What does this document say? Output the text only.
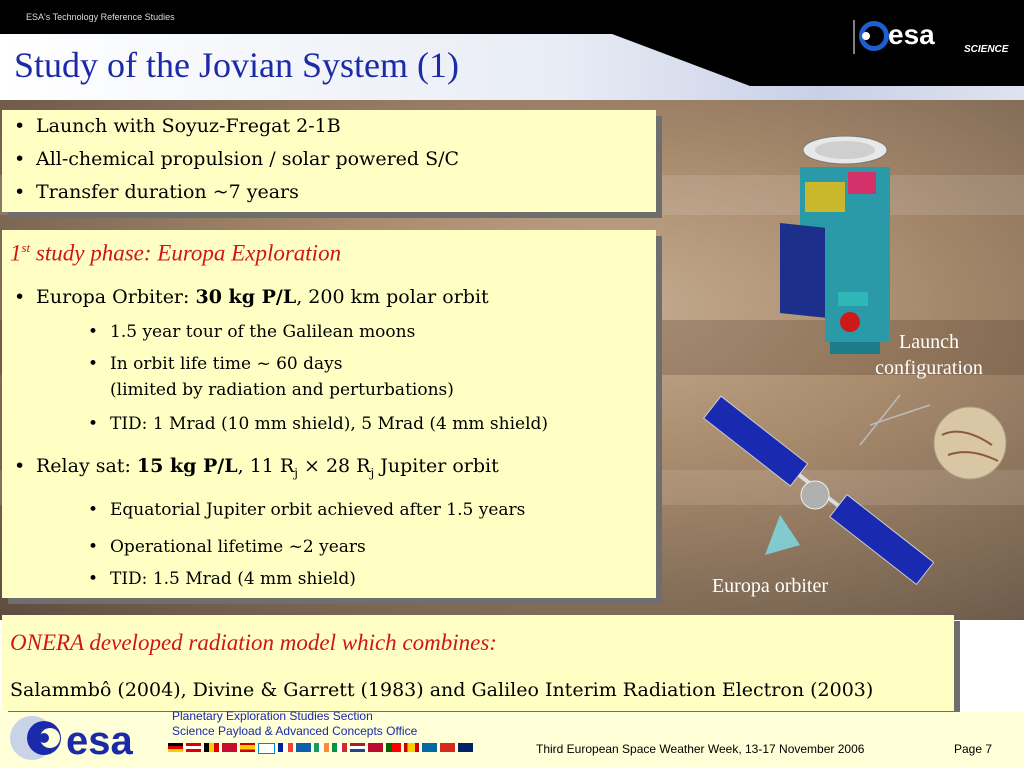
ESA's Technology Reference Studies
Study of the Jovian System (1)
esa	SCIENCE
Launch
configuration
Europa orbiter
• Launch with Soyuz-Fregat 2-1B
• All-chemical propulsion / solar powered S/C
• Transfer duration ~7 years
1st study phase: Europa Exploration
• Europa Orbiter: 30 kg P/L, 200 km polar orbit
• 1.5 year tour of the Galilean moons
• In orbit life time ~ 60 days
(limited by radiation and perturbations)
• TID: 1 Mrad (10 mm shield), 5 Mrad (4 mm shield)
• Relay sat: 15 kg P/L, 11 $R_j \times 28$ $R_j$ Jupiter orbit
• Equatorial Jupiter orbit achieved after 1.5 years
• Operational lifetime ~2 years
• TID: 1.5 Mrad (4 mm shield)
ONERA developed radiation model which combines:
Salammbô (2004), Divine & Garrett (1983) and Galileo Interim Radiation Electron (2003)
esa
Planetary Exploration Studies Section
Science Payload & Advanced Concepts Office
Third European Space Weather Week, 13-17 November 2006	Page 7
